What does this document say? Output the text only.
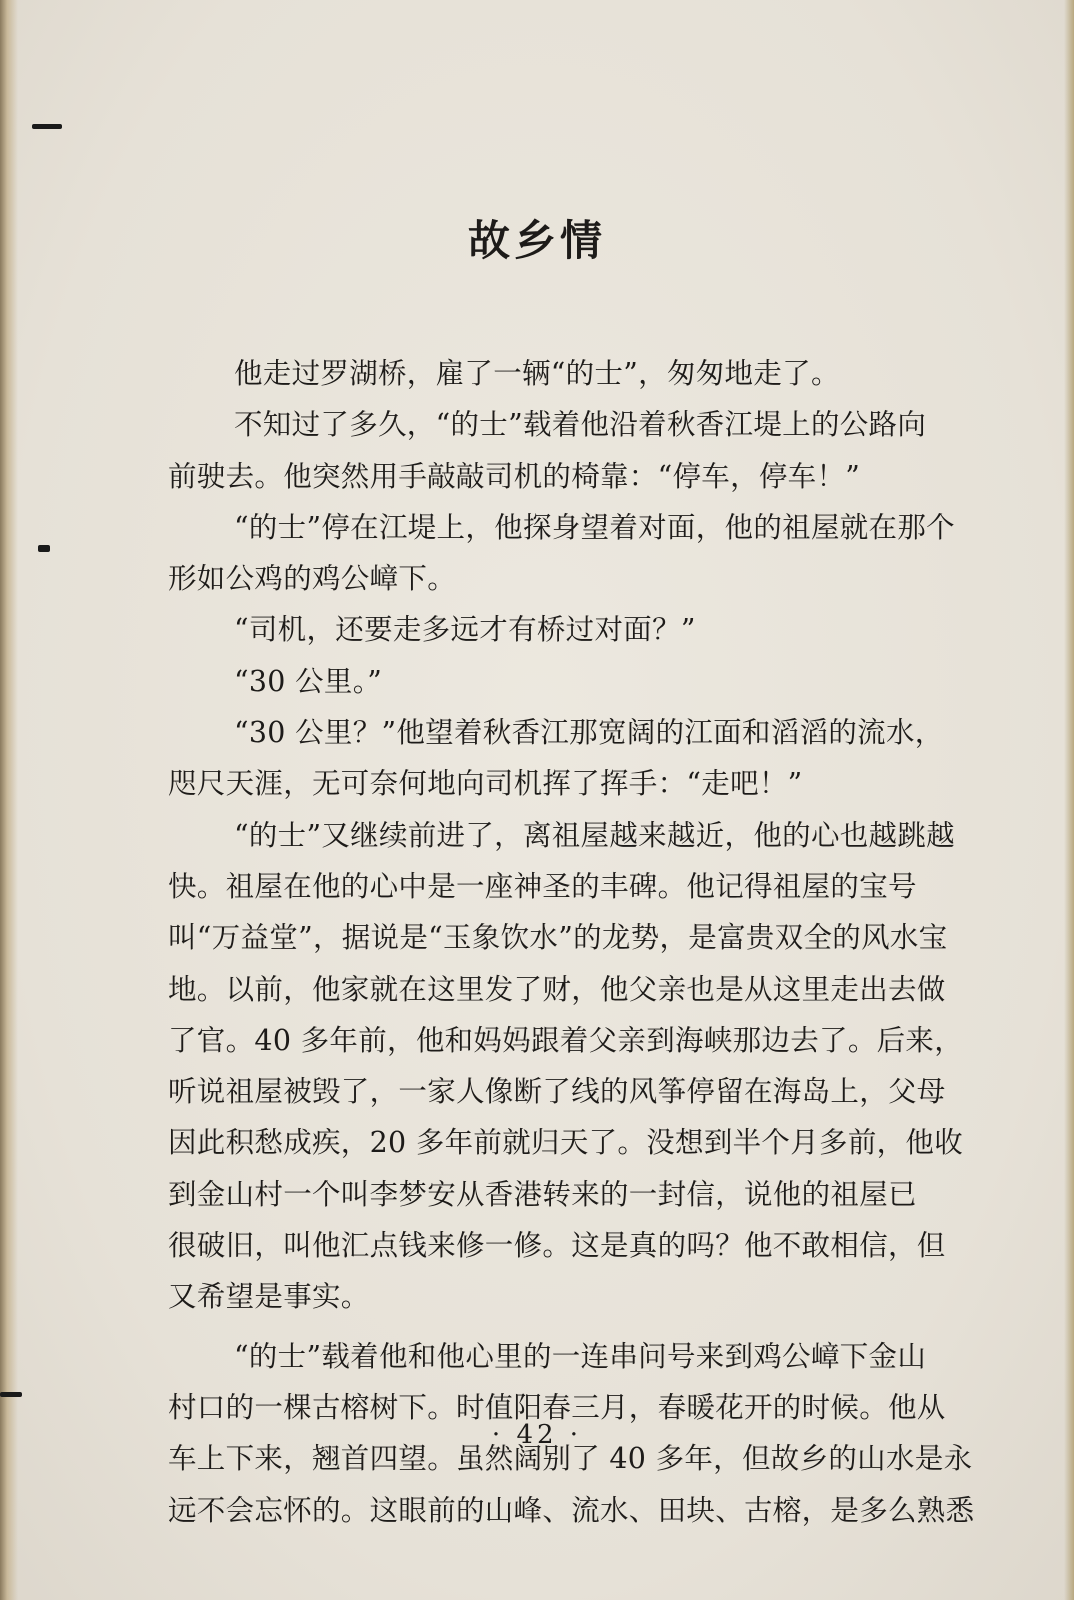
故乡情
他走过罗湖桥，雇了一辆“的士”，匆匆地走了。
不知过了多久，“的士”载着他沿着秋香江堤上的公路向
前驶去。他突然用手敲敲司机的椅靠：“停车，停车！”
“的士”停在江堤上，他探身望着对面，他的祖屋就在那个
形如公鸡的鸡公嶂下。
“司机，还要走多远才有桥过对面？”
“30 公里。”
“30 公里？”他望着秋香江那宽阔的江面和滔滔的流水，
咫尺天涯，无可奈何地向司机挥了挥手：“走吧！”
“的士”又继续前进了，离祖屋越来越近，他的心也越跳越
快。祖屋在他的心中是一座神圣的丰碑。他记得祖屋的宝号
叫“万益堂”，据说是“玉象饮水”的龙势，是富贵双全的风水宝
地。以前，他家就在这里发了财，他父亲也是从这里走出去做
了官。40 多年前，他和妈妈跟着父亲到海峡那边去了。后来，
听说祖屋被毁了，一家人像断了线的风筝停留在海岛上，父母
因此积愁成疾，20 多年前就归天了。没想到半个月多前，他收
到金山村一个叫李梦安从香港转来的一封信，说他的祖屋已
很破旧，叫他汇点钱来修一修。这是真的吗？他不敢相信，但
又希望是事实。
“的士”载着他和他心里的一连串问号来到鸡公嶂下金山
村口的一棵古榕树下。时值阳春三月，春暖花开的时候。他从
车上下来，翘首四望。虽然阔别了 40 多年，但故乡的山水是永
远不会忘怀的。这眼前的山峰、流水、田块、古榕，是多么熟悉
· 42 ·
